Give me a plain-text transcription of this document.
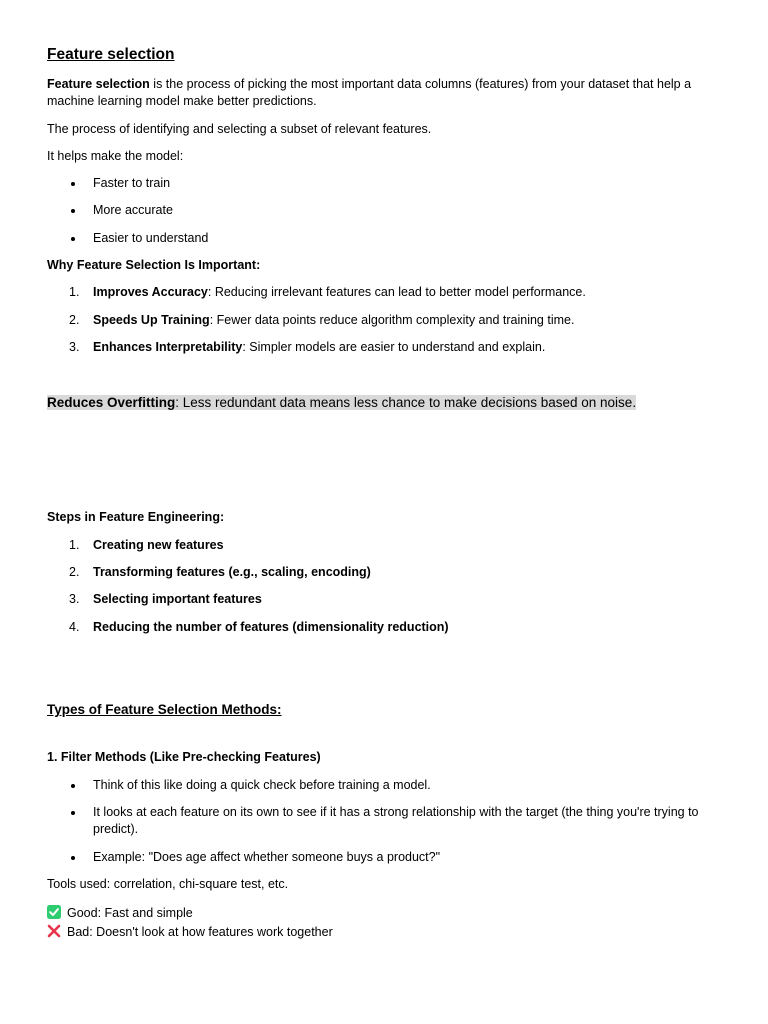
Feature selection

Feature selection is the process of picking the most important data columns (features) from your dataset that help a machine learning model make better predictions.

The process of identifying and selecting a subset of relevant features.

It helps make the model:

Faster to train
More accurate
Easier to understand

Why Feature Selection Is Important:

1.	Improves Accuracy: Reducing irrelevant features can lead to better model performance.
2.	Speeds Up Training: Fewer data points reduce algorithm complexity and training time.
3.	Enhances Interpretability: Simpler models are easier to understand and explain.

Reduces Overfitting: Less redundant data means less chance to make decisions based on noise.

Steps in Feature Engineering:

1.	Creating new features
2.	Transforming features (e.g., scaling, encoding)
3.	Selecting important features
4.	Reducing the number of features (dimensionality reduction)
Types of Feature Selection Methods:

1. Filter Methods (Like Pre-checking Features)

Think of this like doing a quick check before training a model.
It looks at each feature on its own to see if it has a strong relationship with the target (the thing you're trying to predict).
Example: "Does age affect whether someone buys a product?"

Tools used: correlation, chi-square test, etc.

Good: Fast and simple

Bad: Doesn't look at how features work together
